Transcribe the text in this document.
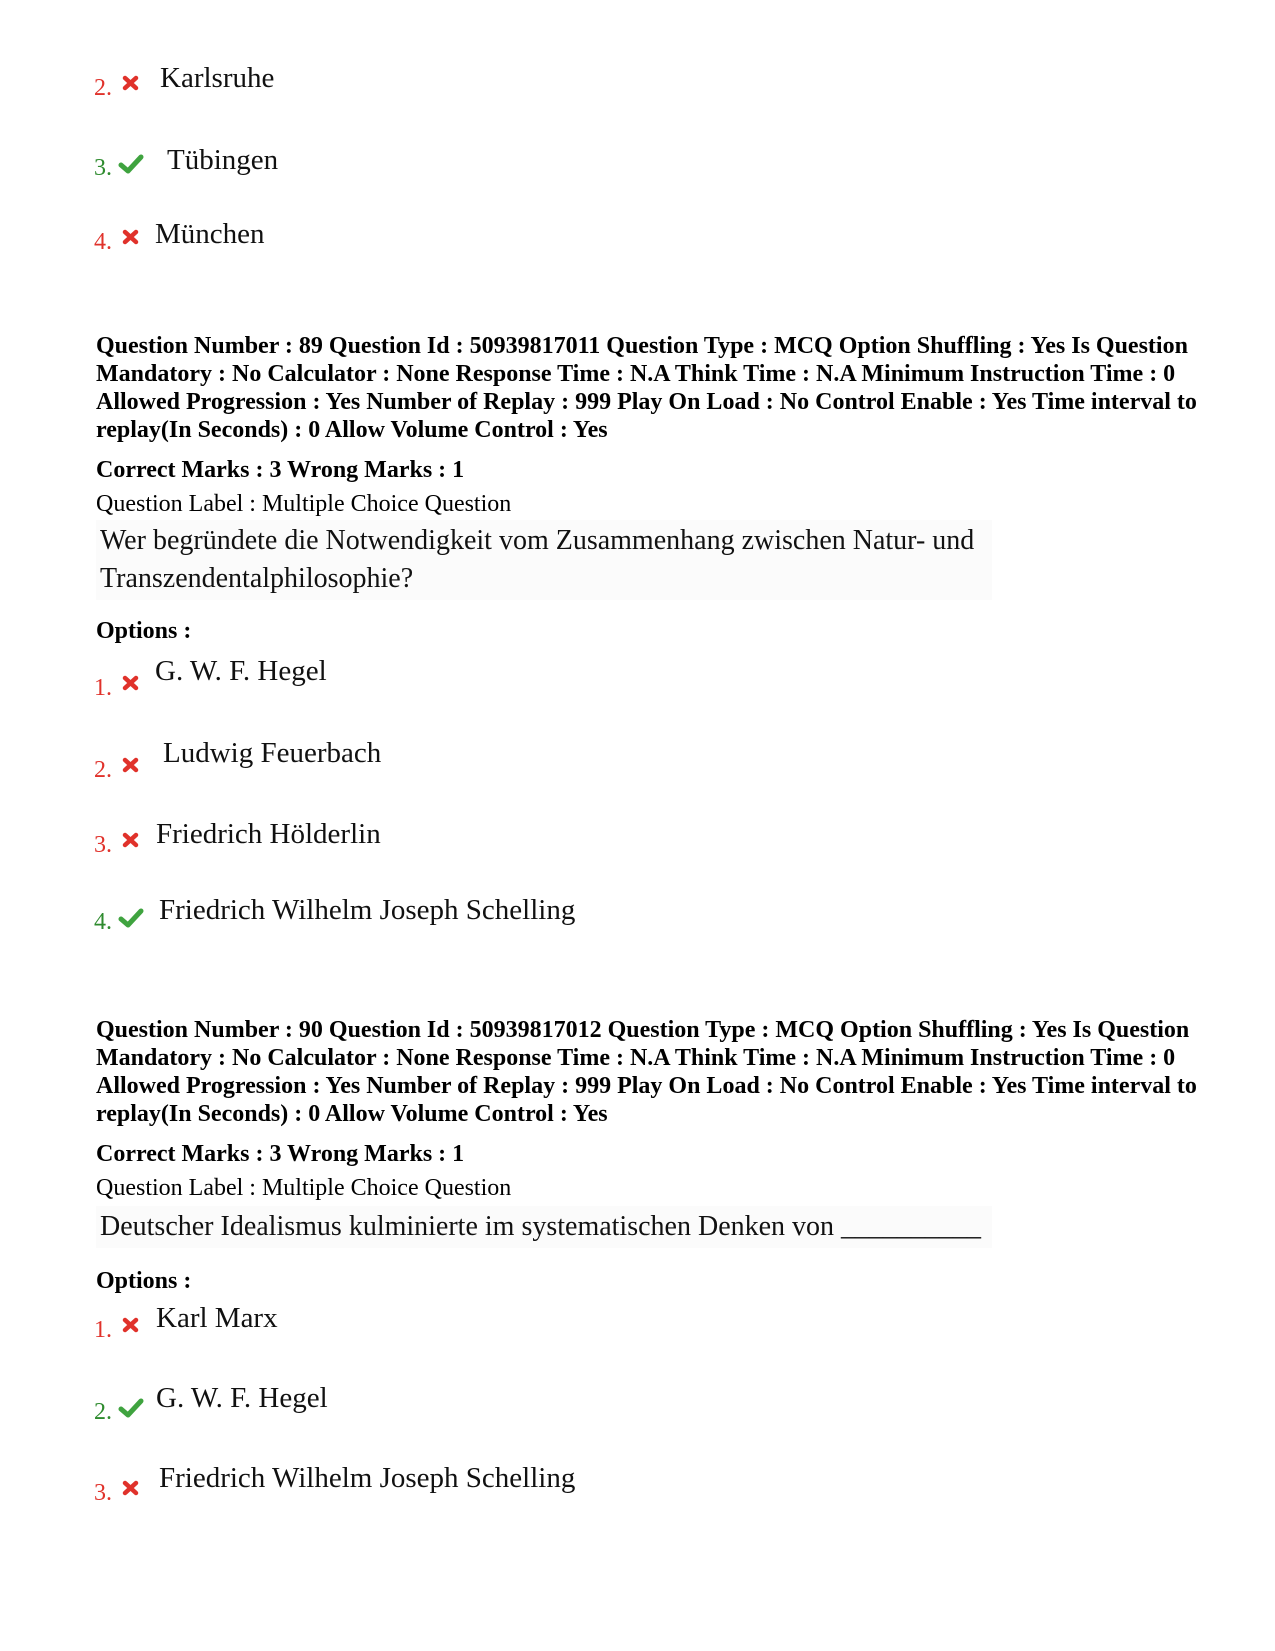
2. Karlsruhe
3. Tübingen
4. München
Question Number : 89 Question Id : 50939817011 Question Type : MCQ Option Shuffling : Yes Is Question Mandatory : No Calculator : None Response Time : N.A Think Time : N.A Minimum Instruction Time : 0 Allowed Progression : Yes Number of Replay : 999 Play On Load : No Control Enable : Yes Time interval to replay(In Seconds) : 0 Allow Volume Control : Yes
Correct Marks : 3 Wrong Marks : 1
Question Label : Multiple Choice Question
Wer begründete die Notwendigkeit vom Zusammenhang zwischen Natur- und Transzendentalphilosophie?
Options :
1.
G. W. F. Hegel
2.
Ludwig Feuerbach
3. Friedrich Hölderlin
4. Friedrich Wilhelm Joseph Schelling
Question Number : 90 Question Id : 50939817012 Question Type : MCQ Option Shuffling : Yes Is Question Mandatory : No Calculator : None Response Time : N.A Think Time : N.A Minimum Instruction Time : 0 Allowed Progression : Yes Number of Replay : 999 Play On Load : No Control Enable : Yes Time interval to replay(In Seconds) : 0 Allow Volume Control : Yes
Correct Marks : 3 Wrong Marks : 1
Question Label : Multiple Choice Question
Deutscher Idealismus kulminierte im systematischen Denken von __________
Options :
1. Karl Marx
2. G. W. F. Hegel
3. Friedrich Wilhelm Joseph Schelling
